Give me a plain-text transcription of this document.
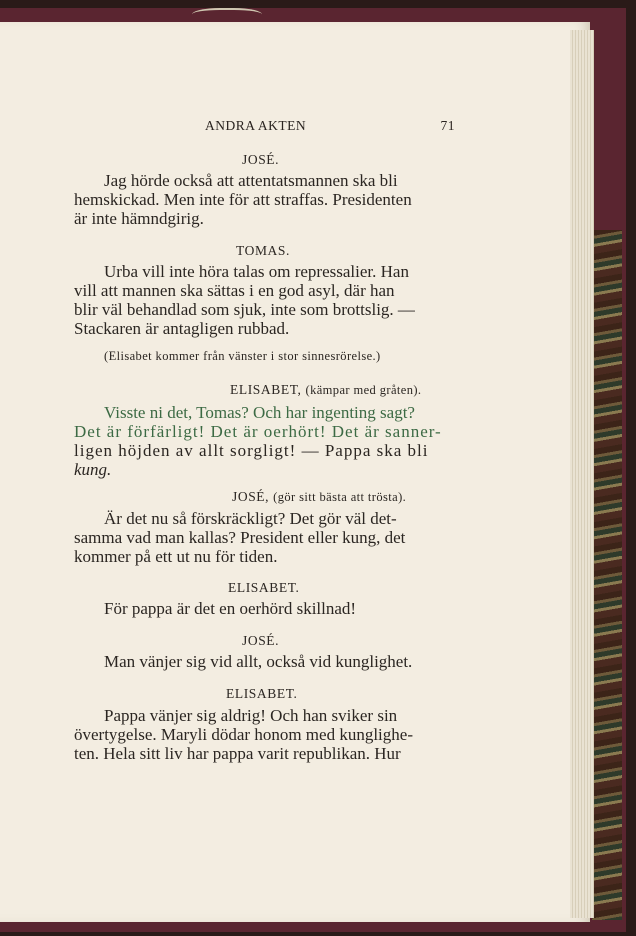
ANDRA AKTEN	71
JOSÉ.
Jag hörde också att attentatsmannen ska bli
hemskickad. Men inte för att straffas. Presidenten
är inte hämndgirig.
TOMAS.
Urba vill inte höra talas om repressalier. Han
vill att mannen ska sättas i en god asyl, där han
blir väl behandlad som sjuk, inte som brottslig. —
Stackaren är antagligen rubbad.
(Elisabet kommer från vänster i stor sinnesrörelse.)
ELISABET, (kämpar med gråten).
Visste ni det, Tomas? Och har ingenting sagt?
Det är förfärligt! Det är oerhört! Det är sanner-
ligen höjden av allt sorgligt! — Pappa ska bli
kung.
JOSÉ, (gör sitt bästa att trösta).
Är det nu så förskräckligt? Det gör väl det-
samma vad man kallas? President eller kung, det
kommer på ett ut nu för tiden.
ELISABET.
För pappa är det en oerhörd skillnad!
JOSÉ.
Man vänjer sig vid allt, också vid kunglighet.
ELISABET.
Pappa vänjer sig aldrig! Och han sviker sin
övertygelse. Maryli dödar honom med kunglighe-
ten. Hela sitt liv har pappa varit republikan. Hur
